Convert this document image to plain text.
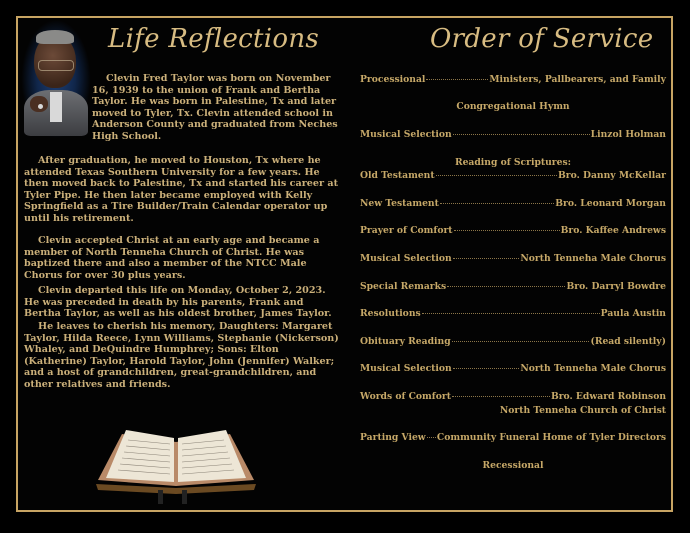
Life Reflections	Order of Service

Clevin Fred Taylor was born on November 16, 1939 to the union of Frank and Bertha Taylor. He was born in Palestine, Tx and later moved to Tyler, Tx. Clevin attended school in Anderson County and graduated from Neches High School.

After graduation, he moved to Houston, Tx where he attended Texas Southern University for a few years. He then moved back to Palestine, Tx and started his career at Tyler Pipe. He then later became employed with Kelly Springfield as a Tire Builder/Train Calendar operator up until his retirement.

Clevin accepted Christ at an early age and became a member of North Tenneha Church of Christ. He was baptized there and also a member of the NTCC Male Chorus for over 30 plus years.

Clevin departed this life on Monday, October 2, 2023. He was preceded in death by his parents, Frank and Bertha Taylor, as well as his oldest brother, James Taylor.

He leaves to cherish his memory, Daughters: Margaret Taylor, Hilda Reece, Lynn Williams, Stephanie (Nickerson) Whaley, and DeQuindre Humphrey; Sons: Elton (Katherine) Taylor, Harold Taylor, John (Jennifer) Walker; and a host of grandchildren, great-grandchildren, and other relatives and friends.

Processional	Ministers, Pallbearers, and Family
Congregational Hymn
Musical Selection	Linzol Holman
Reading of Scriptures:
Old Testament	Bro. Danny McKellar
New Testament	Bro. Leonard Morgan
Prayer of Comfort	Bro. Kaffee Andrews
Musical Selection	North Tenneha Male Chorus
Special Remarks	Bro. Darryl Bowdre
Resolutions	Paula Austin
Obituary Reading	(Read silently)
Musical Selection	North Tenneha Male Chorus
Words of Comfort	Bro. Edward Robinson
North Tenneha Church of Christ
Parting View Community Funeral Home of Tyler Directors
Recessional
